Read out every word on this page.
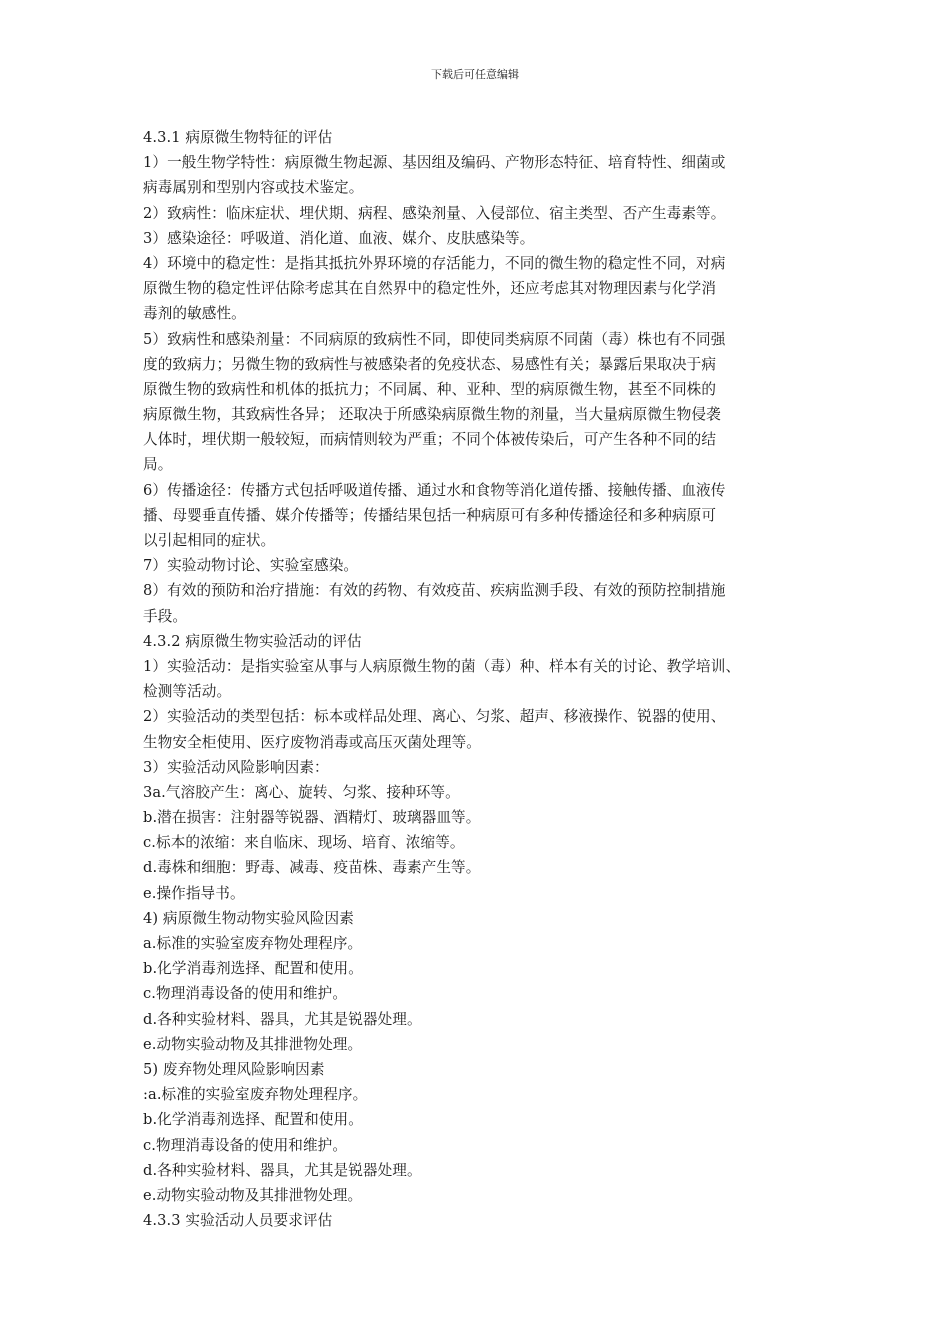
下载后可任意编辑
4.3.1 病原微生物特征的评估
1）一般生物学特性：病原微生物起源、基因组及编码、产物形态特征、培育特性、细菌或
病毒属别和型别内容或技术鉴定。
2）致病性：临床症状、埋伏期、病程、感染剂量、入侵部位、宿主类型、否产生毒素等。
3）感染途径：呼吸道、消化道、血液、媒介、皮肤感染等。
4）环境中的稳定性：是指其抵抗外界环境的存活能力，不同的微生物的稳定性不同，对病
原微生物的稳定性评估除考虑其在自然界中的稳定性外，还应考虑其对物理因素与化学消
毒剂的敏感性。
5）致病性和感染剂量：不同病原的致病性不同，即使同类病原不同菌（毒）株也有不同强
度的致病力；另微生物的致病性与被感染者的免疫状态、易感性有关；暴露后果取决于病
原微生物的致病性和机体的抵抗力；不同属、种、亚种、型的病原微生物，甚至不同株的
病原微生物，其致病性各异； 还取决于所感染病原微生物的剂量，当大量病原微生物侵袭
人体时，埋伏期一般较短，而病情则较为严重；不同个体被传染后，可产生各种不同的结
局。
6）传播途径：传播方式包括呼吸道传播、通过水和食物等消化道传播、接触传播、血液传
播、母婴垂直传播、媒介传播等；传播结果包括一种病原可有多种传播途径和多种病原可
以引起相同的症状。
7）实验动物讨论、实验室感染。
8）有效的预防和治疗措施：有效的药物、有效疫苗、疾病监测手段、有效的预防控制措施
手段。
4.3.2 病原微生物实验活动的评估
1）实验活动：是指实验室从事与人病原微生物的菌（毒）种、样本有关的讨论、教学培训、
检测等活动。
2）实验活动的类型包括：标本或样品处理、离心、匀浆、超声、移液操作、锐器的使用、
生物安全柜使用、医疗废物消毒或高压灭菌处理等。
3）实验活动风险影响因素：
3a.气溶胶产生：离心、旋转、匀浆、接种环等。
b.潜在损害：注射器等锐器、酒精灯、玻璃器皿等。
c.标本的浓缩：来自临床、现场、培育、浓缩等。
d.毒株和细胞：野毒、减毒、疫苗株、毒素产生等。
e.操作指导书。
4) 病原微生物动物实验风险因素
a.标准的实验室废弃物处理程序。
b.化学消毒剂选择、配置和使用。
c.物理消毒设备的使用和维护。
d.各种实验材料、器具，尤其是锐器处理。
e.动物实验动物及其排泄物处理。
5) 废弃物处理风险影响因素
:a.标准的实验室废弃物处理程序。
b.化学消毒剂选择、配置和使用。
c.物理消毒设备的使用和维护。
d.各种实验材料、器具，尤其是锐器处理。
e.动物实验动物及其排泄物处理。
4.3.3 实验活动人员要求评估
